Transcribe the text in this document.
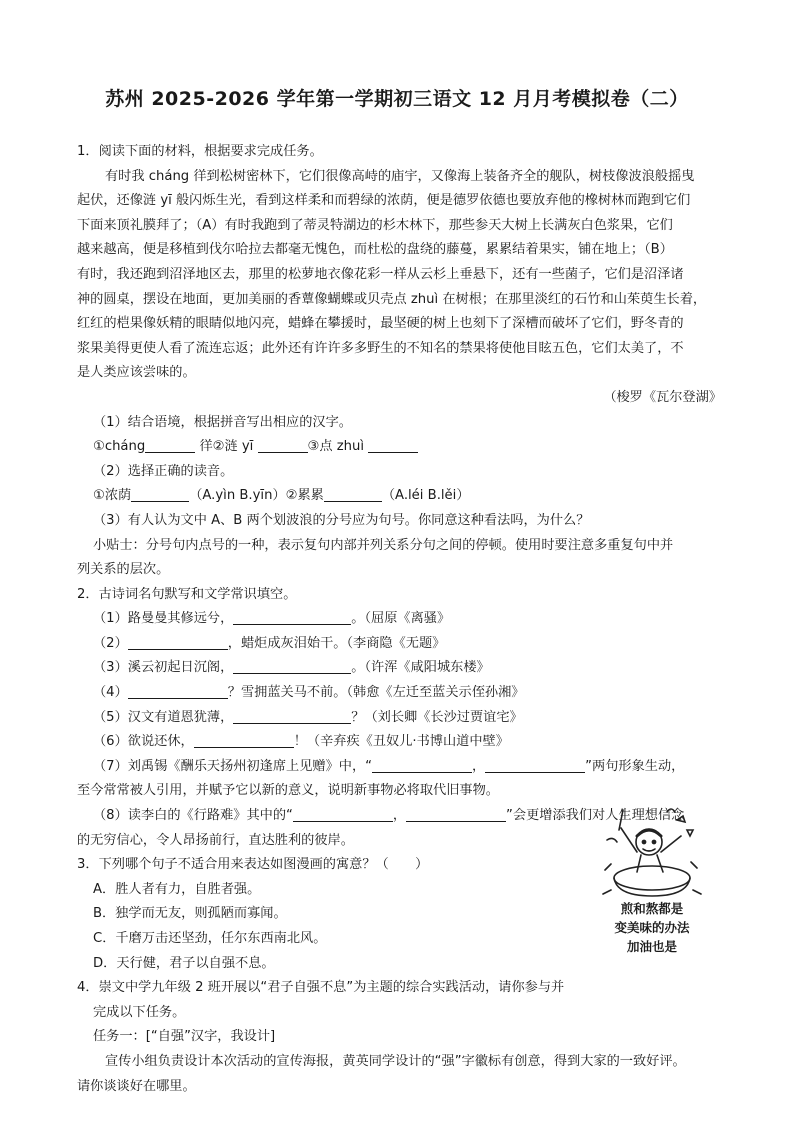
苏州 2025-2026 学年第一学期初三语文 12 月月考模拟卷（二）

1．阅读下面的材料，根据要求完成任务。

有时我 cháng 徉到松树密林下，它们很像高峙的庙宇，又像海上装备齐全的舰队，树枝像波浪般摇曳

起伏，还像涟 yī 般闪烁生光，看到这样柔和而碧绿的浓荫，便是德罗依德也要放弃他的橡树林而跑到它们

下面来顶礼膜拜了；（A）有时我跑到了蒂灵特湖边的杉木林下，那些参天大树上长满灰白色浆果，它们

越来越高，便是移植到伐尔哈拉去都毫无愧色，而杜松的盘绕的藤蔓，累累结着果实，铺在地上；（B）

有时，我还跑到沼泽地区去，那里的松萝地衣像花彩一样从云杉上垂悬下，还有一些菌子，它们是沼泽诸

神的圆桌，摆设在地面，更加美丽的香蕈像蝴蝶或贝壳点 zhuì 在树根；在那里淡红的石竹和山茱萸生长着，

红红的桤果像妖精的眼睛似地闪亮，蜡蜂在攀援时，最坚硬的树上也刻下了深槽而破坏了它们，野冬青的

浆果美得更使人看了流连忘返；此外还有许许多多野生的不知名的禁果将使他目眩五色，它们太美了，不

是人类应该尝味的。

（梭罗《瓦尔登湖》

（1）结合语境，根据拼音写出相应的汉字。

①cháng	徉②涟 yī	③点 zhuì

（2）选择正确的读音。

①浓荫	（A.yìn B.yīn）②累累	（A.léi B.lěi）

（3）有人认为文中 A、B 两个划波浪的分号应为句号。你同意这种看法吗，为什么？

小贴士：分号句内点号的一种，表示复句内部并列关系分句之间的停顿。使用时要注意多重复句中并

列关系的层次。

2．古诗词名句默写和文学常识填空。

（1）路曼曼其修远兮，	。（屈原《离骚》

（2）	，蜡炬成灰泪始干。（李商隐《无题》

（3）溪云初起日沉阁，	。（许浑《咸阳城东楼》

（4）	？雪拥蓝关马不前。（韩愈《左迁至蓝关示侄孙湘》

（5）汉文有道恩犹薄，	？（刘长卿《长沙过贾谊宅》

（6）欲说还休，	！（辛弃疾《丑奴儿·书博山道中壁》

（7）刘禹锡《酬乐天扬州初逢席上见赠》中，“	，	”两句形象生动，

至今常常被人引用，并赋予它以新的意义，说明新事物必将取代旧事物。

（8）读李白的《行路难》其中的“	，	”会更增添我们对人生理想信念

的无穷信心，令人昂扬前行，直达胜利的彼岸。

3．下列哪个句子不适合用来表达如图漫画的寓意？（　　）

A．胜人者有力，自胜者强。

B．独学而无友，则孤陋而寡闻。

C．千磨万击还坚劲，任尔东西南北风。

D．天行健，君子以自强不息。

4．崇文中学九年级 2 班开展以“君子自强不息”为主题的综合实践活动，请你参与并

完成以下任务。

任务一：[“自强”汉字，我设计]

宣传小组负责设计本次活动的宣传海报，黄英同学设计的“强”字徽标有创意，得到大家的一致好评。

请你谈谈好在哪里。

煎和熬都是
变美味的办法
加油也是
